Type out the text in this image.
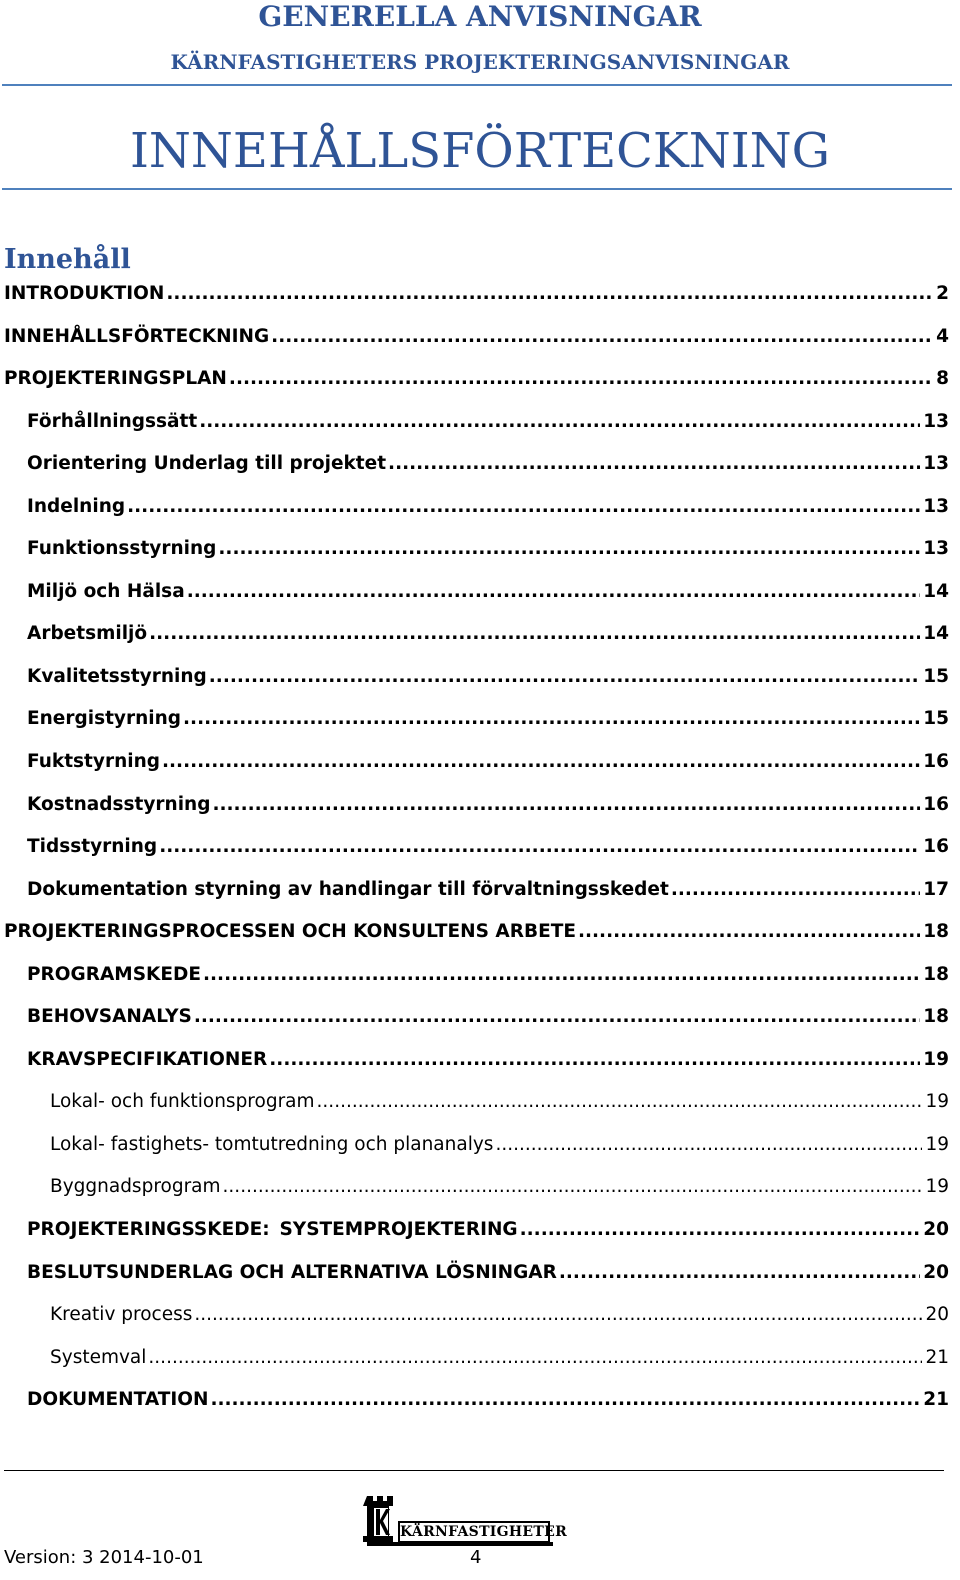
GENERELLA ANVISNINGAR
KÄRNFASTIGHETERS PROJEKTERINGSANVISNINGAR
INNEHÅLLSFÖRTECKNING
Innehåll
INTRODUKTION .....	2
INNEHÅLLSFÖRTECKNING .....	4
PROJEKTERINGSPLAN .....	8
Förhållningssätt .....	13
Orientering Underlag till projektet .....	13
Indelning .....	13
Funktionsstyrning .....	13
Miljö och Hälsa .....	14
Arbetsmiljö .....	14
Kvalitetsstyrning .....	15
Energistyrning .....	15
Fuktstyrning .....	16
Kostnadsstyrning .....	16
Tidsstyrning .....	16
Dokumentation styrning av handlingar till förvaltningsskedet .....	17
PROJEKTERINGSPROCESSEN OCH KONSULTENS ARBETE .....	18
PROGRAMSKEDE .....	18
BEHOVSANALYS .....	18
KRAVSPECIFIKATIONER .....	19
Lokal- och funktionsprogram .....	19
Lokal- fastighets- tomtutredning och plananalys .....	19
Byggnadsprogram .....	19
PROJEKTERINGSSKEDE: SYSTEMPROJEKTERING .....	20
BESLUTSUNDERLAG OCH ALTERNATIVA LÖSNINGAR .....	20
Kreativ process .....	20
Systemval .....	21
DOKUMENTATION .....	21
KÄRNFASTIGHETER
Version: 3 2014-10-01	4
